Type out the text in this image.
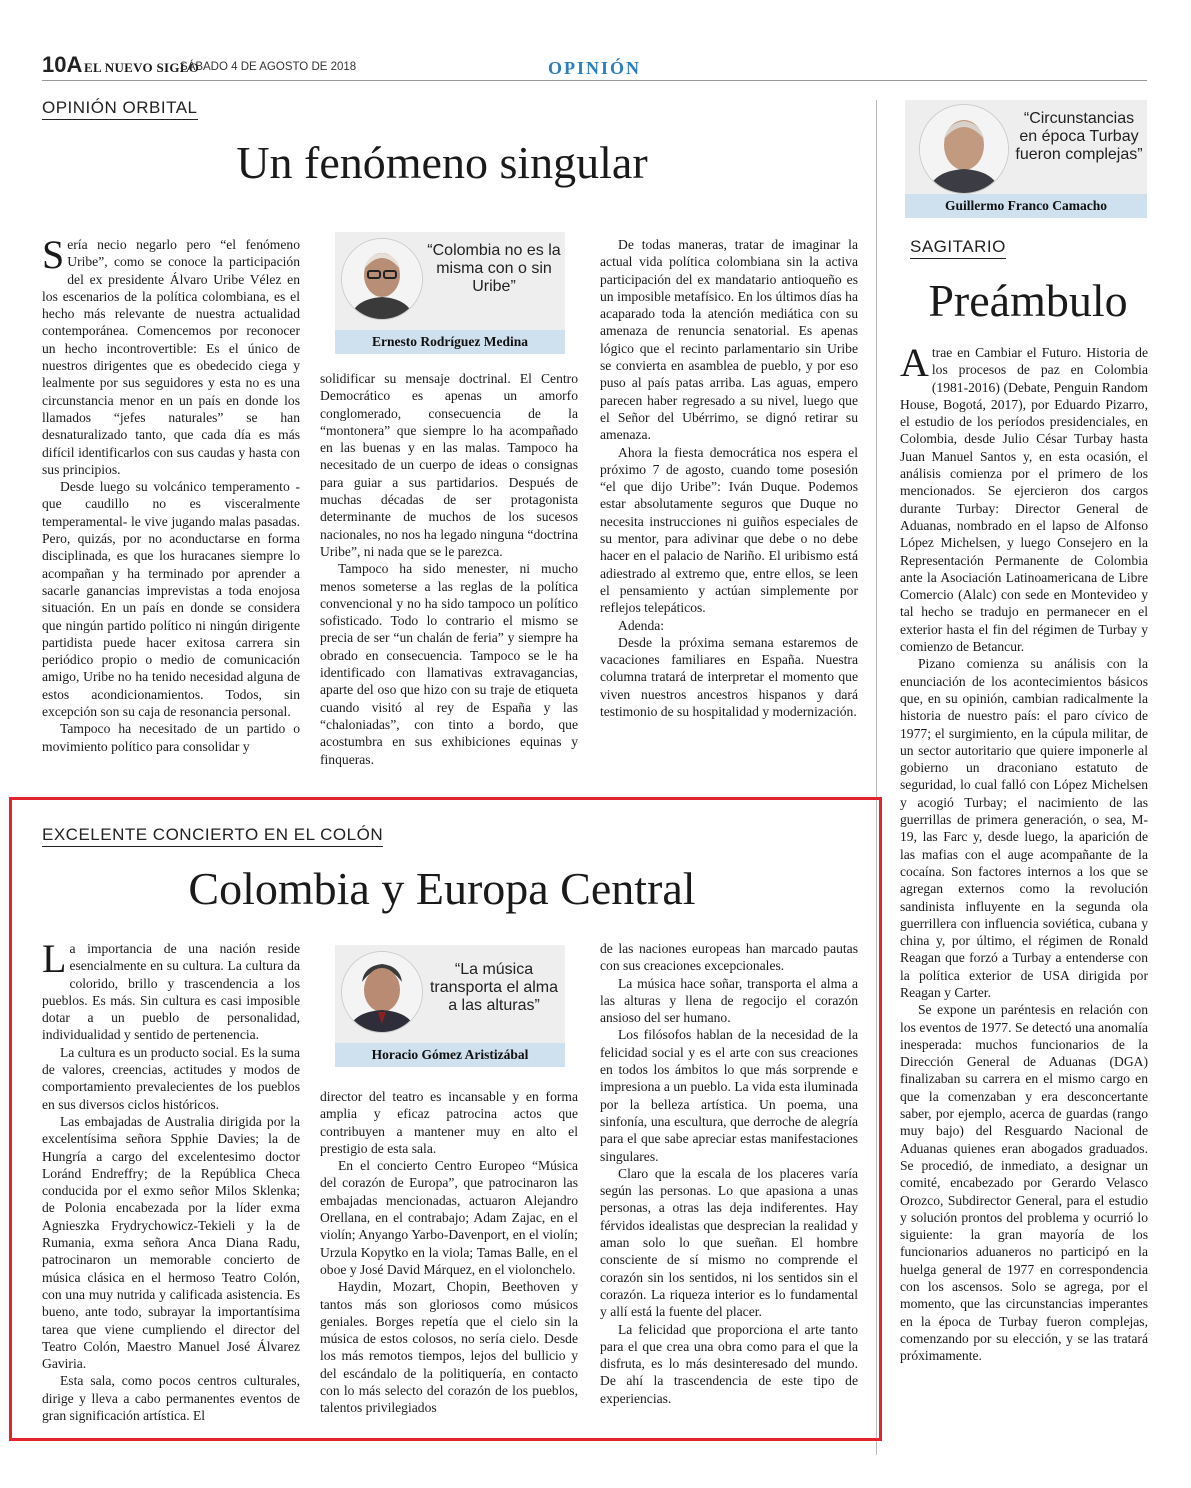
10A EL NUEVO SIGLO
SÁBADO 4 DE AGOSTO DE 2018	OPINIÓN
OPINIÓN ORBITAL
Un fenómeno singular

Sería necio negarlo pero “el fenómeno Uribe”, como se conoce la participación del ex presidente Álvaro Uribe Vélez en los escenarios de la política colombiana, es el hecho más relevante de nuestra actualidad contemporánea. Comencemos por reconocer un hecho incontrovertible: Es el único de nuestros dirigentes que es obedecido ciega y lealmente por sus seguidores y esta no es una circunstancia menor en un país en donde los llamados “jefes naturales” se han desnaturalizado tanto, que cada día es más difícil identificarlos con sus caudas y hasta con sus principios.

Desde luego su volcánico temperamento -que caudillo no es visceralmente temperamental- le vive jugando malas pasadas. Pero, quizás, por no aconductarse en forma disciplinada, es que los huracanes siempre lo acompañan y ha terminado por aprender a sacarle ganancias imprevistas a toda enojosa situación. En un país en donde se considera que ningún partido político ni ningún dirigente partidista puede hacer exitosa carrera sin periódico propio o medio de comunicación amigo, Uribe no ha tenido necesidad alguna de estos acondicionamientos. Todos, sin excepción son su caja de resonancia personal.

Tampoco ha necesitado de un partido o movimiento político para consolidar y

“Colombia no es la misma con o sin Uribe”
Ernesto Rodríguez Medina

solidificar su mensaje doctrinal. El Centro Democrático es apenas un amorfo conglomerado, consecuencia de la “montonera” que siempre lo ha acompañado en las buenas y en las malas. Tampoco ha necesitado de un cuerpo de ideas o consignas para guiar a sus partidarios. Después de muchas décadas de ser protagonista determinante de muchos de los sucesos nacionales, no nos ha legado ninguna “doctrina Uribe”, ni nada que se le parezca.

Tampoco ha sido menester, ni mucho menos someterse a las reglas de la política convencional y no ha sido tampoco un político sofisticado. Todo lo contrario el mismo se precia de ser “un chalán de feria” y siempre ha obrado en consecuencia. Tampoco se le ha identificado con llamativas extravagancias, aparte del oso que hizo con su traje de etiqueta cuando visitó al rey de España y las “chaloniadas”, con tinto a bordo, que acostumbra en sus exhibiciones equinas y finqueras.

De todas maneras, tratar de imaginar la actual vida política colombiana sin la activa participación del ex mandatario antioqueño es un imposible metafísico. En los últimos días ha acaparado toda la atención mediática con su amenaza de renuncia senatorial. Es apenas lógico que el recinto parlamentario sin Uribe se convierta en asamblea de pueblo, y por eso puso al país patas arriba. Las aguas, empero parecen haber regresado a su nivel, luego que el Señor del Ubérrimo, se dignó retirar su amenaza.

Ahora la fiesta democrática nos espera el próximo 7 de agosto, cuando tome posesión “el que dijo Uribe”: Iván Duque. Podemos estar absolutamente seguros que Duque no necesita instrucciones ni guiños especiales de su mentor, para adivinar que debe o no debe hacer en el palacio de Nariño. El uribismo está adiestrado al extremo que, entre ellos, se leen el pensamiento y actúan simplemente por reflejos telepáticos.

Adenda:

Desde la próxima semana estaremos de vacaciones familiares en España. Nuestra columna tratará de interpretar el momento que viven nuestros ancestros hispanos y dará testimonio de su hospitalidad y modernización.

EXCELENTE CONCIERTO EN EL COLÓN
Colombia y Europa Central

La importancia de una nación reside esencialmente en su cultura. La cultura da colorido, brillo y trascendencia a los pueblos. Es más. Sin cultura es casi imposible dotar a un pueblo de personalidad, individualidad y sentido de pertenencia.

La cultura es un producto social. Es la suma de valores, creencias, actitudes y modos de comportamiento prevalecientes de los pueblos en sus diversos ciclos históricos.

Las embajadas de Australia dirigida por la excelentísima señora Spphie Davies; la de Hungría a cargo del excelentesimo doctor Loránd Endreffry; de la República Checa conducida por el exmo señor Milos Sklenka; de Polonia encabezada por la líder exma Agnieszka Frydrychowicz-Tekieli y la de Rumania, exma señora Anca Diana Radu, patrocinaron un memorable concierto de música clásica en el hermoso Teatro Colón, con una muy nutrida y calificada asistencia. Es bueno, ante todo, subrayar la importantísima tarea que viene cumpliendo el director del Teatro Colón, Maestro Manuel José Álvarez Gaviria.

Esta sala, como pocos centros culturales, dirige y lleva a cabo permanentes eventos de gran significación artística. El

“La música transporta el alma a las alturas”
Horacio Gómez Aristizábal

director del teatro es incansable y en forma amplia y eficaz patrocina actos que contribuyen a mantener muy en alto el prestigio de esta sala.

En el concierto Centro Europeo “Música del corazón de Europa”, que patrocinaron las embajadas mencionadas, actuaron Alejandro Orellana, en el contrabajo; Adam Zajac, en el violín; Anyango Yarbo-Davenport, en el violín; Urzula Kopytko en la viola; Tamas Balle, en el oboe y José David Márquez, en el violonchelo.

Haydin, Mozart, Chopin, Beethoven y tantos más son gloriosos como músicos geniales. Borges repetía que el cielo sin la música de estos colosos, no sería cielo. Desde los más remotos tiempos, lejos del bullicio y del escándalo de la politiquería, en contacto con lo más selecto del corazón de los pueblos, talentos privilegiados

de las naciones europeas han marcado pautas con sus creaciones excepcionales.

La música hace soñar, transporta el alma a las alturas y llena de regocijo el corazón ansioso del ser humano.

Los filósofos hablan de la necesidad de la felicidad social y es el arte con sus creaciones en todos los ámbitos lo que más sorprende e impresiona a un pueblo. La vida esta iluminada por la belleza artística. Un poema, una sinfonía, una escultura, que derroche de alegría para el que sabe apreciar estas manifestaciones singulares.

Claro que la escala de los placeres varía según las personas. Lo que apasiona a unas personas, a otras las deja indiferentes. Hay férvidos idealistas que desprecian la realidad y aman solo lo que sueñan. El hombre consciente de sí mismo no comprende el corazón sin los sentidos, ni los sentidos sin el corazón. La riqueza interior es lo fundamental y allí está la fuente del placer.

La felicidad que proporciona el arte tanto para el que crea una obra como para el que la disfruta, es lo más desinteresado del mundo. De ahí la trascendencia de este tipo de experiencias.

“Circunstancias en época Turbay fueron complejas”
Guillermo Franco Camacho
SAGITARIO
Preámbulo

Atrae en Cambiar el Futuro. Historia de los procesos de paz en Colombia (1981-2016) (Debate, Penguin Random House, Bogotá, 2017), por Eduardo Pizarro, el estudio de los períodos presidenciales, en Colombia, desde Julio César Turbay hasta Juan Manuel Santos y, en esta ocasión, el análisis comienza por el primero de los mencionados. Se ejercieron dos cargos durante Turbay: Director General de Aduanas, nombrado en el lapso de Alfonso López Michelsen, y luego Consejero en la Representación Permanente de Colombia ante la Asociación Latinoamericana de Libre Comercio (Alalc) con sede en Montevideo y tal hecho se tradujo en permanecer en el exterior hasta el fin del régimen de Turbay y comienzo de Betancur.

Pizano comienza su análisis con la enunciación de los acontecimientos básicos que, en su opinión, cambian radicalmente la historia de nuestro país: el paro cívico de 1977; el surgimiento, en la cúpula militar, de un sector autoritario que quiere imponerle al gobierno un draconiano estatuto de seguridad, lo cual falló con López Michelsen y acogió Turbay; el nacimiento de las guerrillas de primera generación, o sea, M-19, las Farc y, desde luego, la aparición de las mafias con el auge acompañante de la cocaína. Son factores internos a los que se agregan externos como la revolución sandinista influyente en la segunda ola guerrillera con influencia soviética, cubana y china y, por último, el régimen de Ronald Reagan que forzó a Turbay a entenderse con la política exterior de USA dirigida por Reagan y Carter.

Se expone un paréntesis en relación con los eventos de 1977. Se detectó una anomalía inesperada: muchos funcionarios de la Dirección General de Aduanas (DGA) finalizaban su carrera en el mismo cargo en que la comenzaban y era desconcertante saber, por ejemplo, acerca de guardas (rango muy bajo) del Resguardo Nacional de Aduanas quienes eran abogados graduados. Se procedió, de inmediato, a designar un comité, encabezado por Gerardo Velasco Orozco, Subdirector General, para el estudio y solución prontos del problema y ocurrió lo siguiente: la gran mayoría de los funcionarios aduaneros no participó en la huelga general de 1977 en correspondencia con los ascensos. Solo se agrega, por el momento, que las circunstancias imperantes en la época de Turbay fueron complejas, comenzando por su elección, y se las tratará próximamente.
